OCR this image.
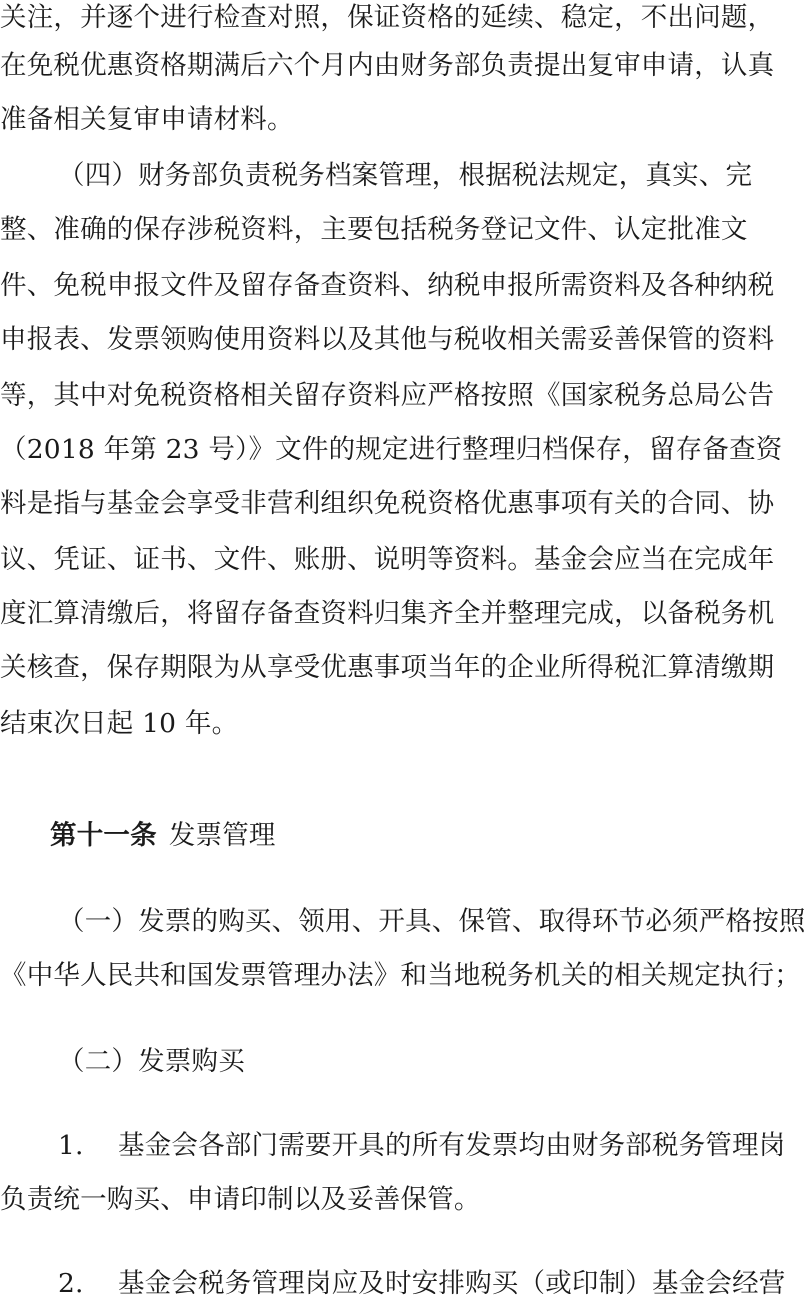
关注，并逐个进行检查对照，保证资格的延续、稳定，不出问题，
在免税优惠资格期满后六个月内由财务部负责提出复审申请，认真
准备相关复审申请材料。
（四）财务部负责税务档案管理，根据税法规定，真实、完
整、准确的保存涉税资料，主要包括税务登记文件、认定批准文
件、免税申报文件及留存备查资料、纳税申报所需资料及各种纳税
申报表、发票领购使用资料以及其他与税收相关需妥善保管的资料
等，其中对免税资格相关留存资料应严格按照《国家税务总局公告
（2018 年第 23 号）》文件的规定进行整理归档保存，留存备查资
料是指与基金会享受非营利组织免税资格优惠事项有关的合同、协
议、凭证、证书、文件、账册、说明等资料。基金会应当在完成年
度汇算清缴后，将留存备查资料归集齐全并整理完成，以备税务机
关核查，保存期限为从享受优惠事项当年的企业所得税汇算清缴期
结束次日起 10 年。
第十一条 发票管理
（一）发票的购买、领用、开具、保管、取得环节必须严格按照
《中华人民共和国发票管理办法》和当地税务机关的相关规定执行；
（二）发票购买
1. 基金会各部门需要开具的所有发票均由财务部税务管理岗
负责统一购买、申请印制以及妥善保管。
2. 基金会税务管理岗应及时安排购买（或印制）基金会经营
